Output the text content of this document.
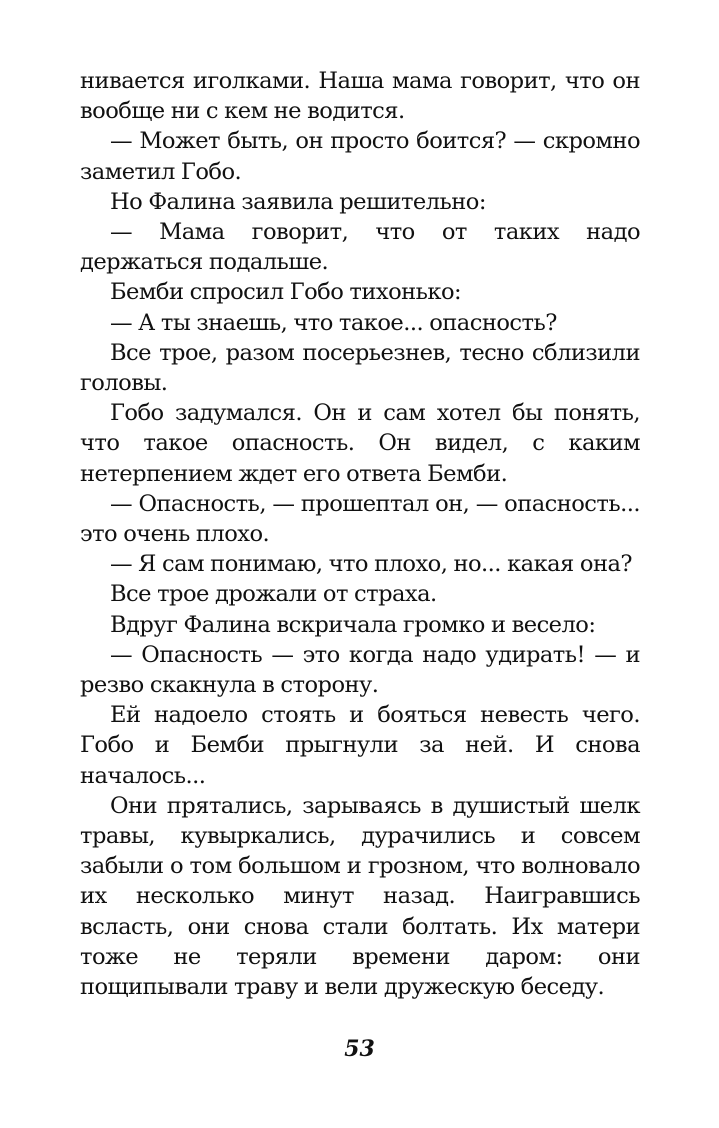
нивается иголками. Наша мама говорит, что он вообще ни с кем не водится.

— Может быть, он просто боится? — скромно заметил Гобо.

Но Фалина заявила решительно:

— Мама говорит, что от таких надо держаться подальше.

Бемби спросил Гобо тихонько:

— А ты знаешь, что такое... опасность?

Все трое, разом посерьезнев, тесно сблизили головы.

Гобо задумался. Он и сам хотел бы понять, что такое опасность. Он видел, с каким нетерпением ждет его ответа Бемби.

— Опасность, — прошептал он, — опасность... это очень плохо.

— Я сам понимаю, что плохо, но... какая она?

Все трое дрожали от страха.

Вдруг Фалина вскричала громко и весело:

— Опасность — это когда надо удирать! — и резво скакнула в сторону.

Ей надоело стоять и бояться невесть чего. Гобо и Бемби прыгнули за ней. И снова началось...

Они прятались, зарываясь в душистый шелк травы, кувыркались, дурачились и совсем забыли о том большом и грозном, что волновало их несколько минут назад. Наигравшись всласть, они снова стали болтать. Их матери тоже не теряли времени даром: они пощипывали траву и вели дружескую беседу.

53
